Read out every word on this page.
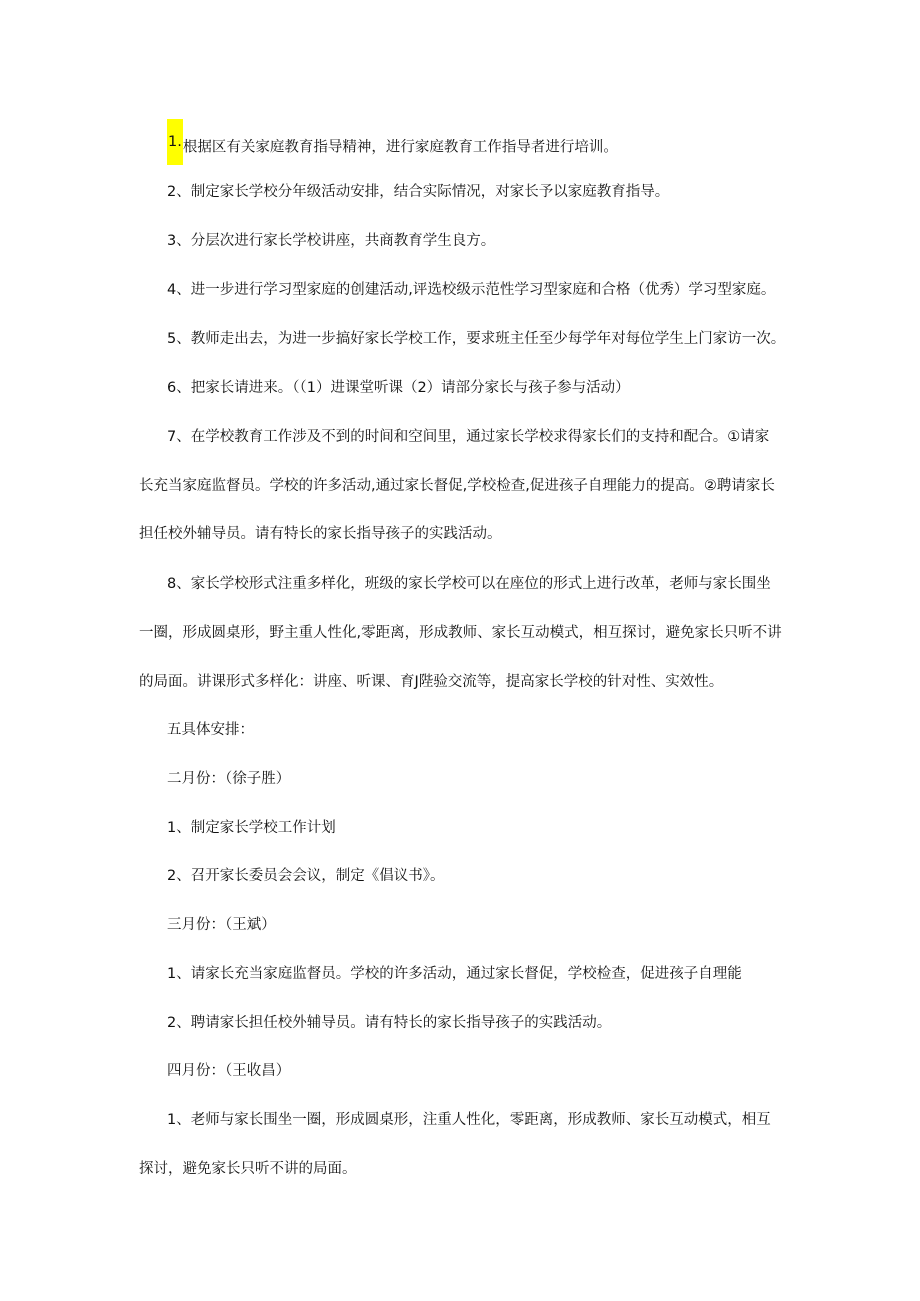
1.根据区有关家庭教育指导精神，进行家庭教育工作指导者进行培训。
2、制定家长学校分年级活动安排，结合实际情况，对家长予以家庭教育指导。
3、分层次进行家长学校讲座，共商教育学生良方。
4、进一步进行学习型家庭的创建活动,评选校级示范性学习型家庭和合格（优秀）学习型家庭。
5、教师走出去，为进一步搞好家长学校工作，要求班主任至少每学年对每位学生上门家访一次。
6、把家长请进来。（（1）进课堂听课（2）请部分家长与孩子参与活动）
7、在学校教育工作涉及不到的时间和空间里，通过家长学校求得家长们的支持和配合。①请家
长充当家庭监督员。学校的许多活动,通过家长督促,学校检查,促进孩子自理能力的提高。②聘请家长
担任校外辅导员。请有特长的家长指导孩子的实践活动。
8、家长学校形式注重多样化，班级的家长学校可以在座位的形式上进行改革，老师与家长围坐
一圈，形成圆桌形，野主重人性化,零距离，形成教师、家长互动模式，相互探讨，避免家长只听不讲
的局面。讲课形式多样化：讲座、听课、育J陛验交流等，提高家长学校的针对性、实效性。
五具体安排：
二月份：（徐子胜）
1、制定家长学校工作计划
2、召开家长委员会会议，制定《倡议书》。
三月份：（王斌）
1、请家长充当家庭监督员。学校的许多活动，通过家长督促，学校检查，促进孩子自理能
2、聘请家长担任校外辅导员。请有特长的家长指导孩子的实践活动。
四月份：（王收昌）
1、老师与家长围坐一圈，形成圆桌形，注重人性化，零距离，形成教师、家长互动模式，相互
探讨，避免家长只听不讲的局面。
